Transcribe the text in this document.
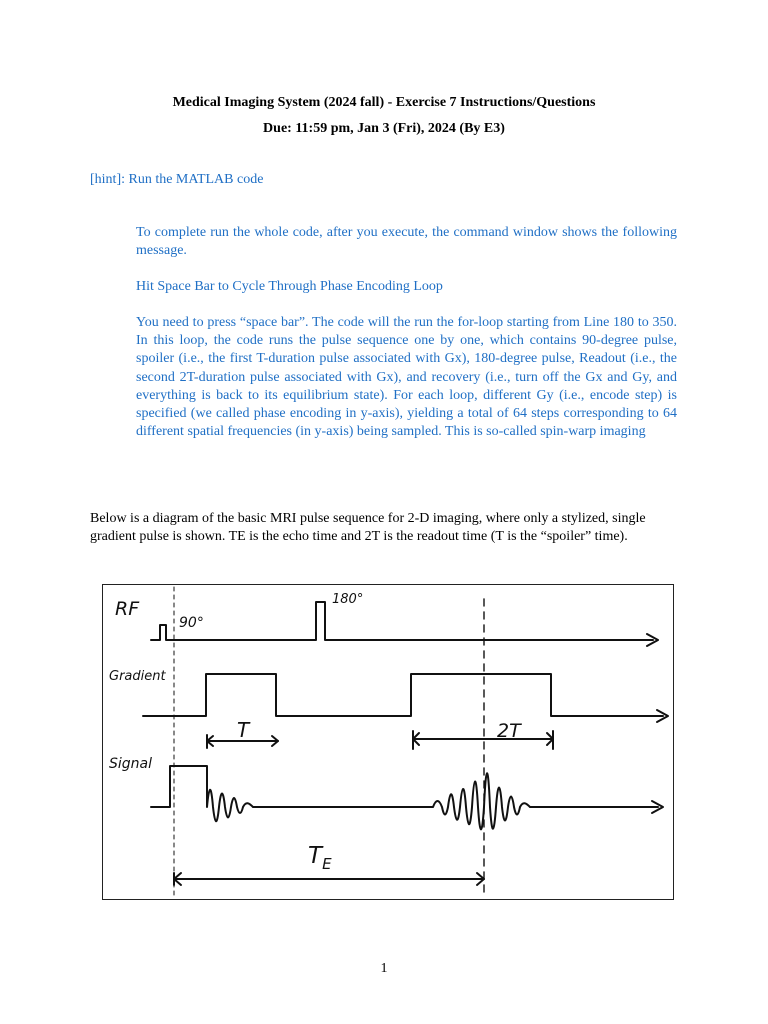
Medical Imaging System (2024 fall) - Exercise 7 Instructions/Questions
Due: 11:59 pm, Jan 3 (Fri), 2024 (By E3)
[hint]: Run the MATLAB code

To complete run the whole code, after you execute, the command window shows the following message.

Hit Space Bar to Cycle Through Phase Encoding Loop

You need to press “space bar”. The code will the run the for-loop starting from Line 180 to 350. In this loop, the code runs the pulse sequence one by one, which contains 90-degree pulse, spoiler (i.e., the first T-duration pulse associated with Gx), 180-degree pulse, Readout (i.e., the second 2T-duration pulse associated with Gx), and recovery (i.e., turn off the Gx and Gy, and everything is back to its equilibrium state). For each loop, different Gy (i.e., encode step) is specified (we called phase encoding in y-axis), yielding a total of 64 steps corresponding to 64 different spatial frequencies (in y-axis) being sampled. This is so-called spin-warp imaging

Below is a diagram of the basic MRI pulse sequence for 2-D imaging, where only a stylized, single gradient pulse is shown. TE is the echo time and 2T is the readout time (T is the “spoiler” time).

RF
90°
180°
Gradient
T	2T
Signal
$T_E$
1
